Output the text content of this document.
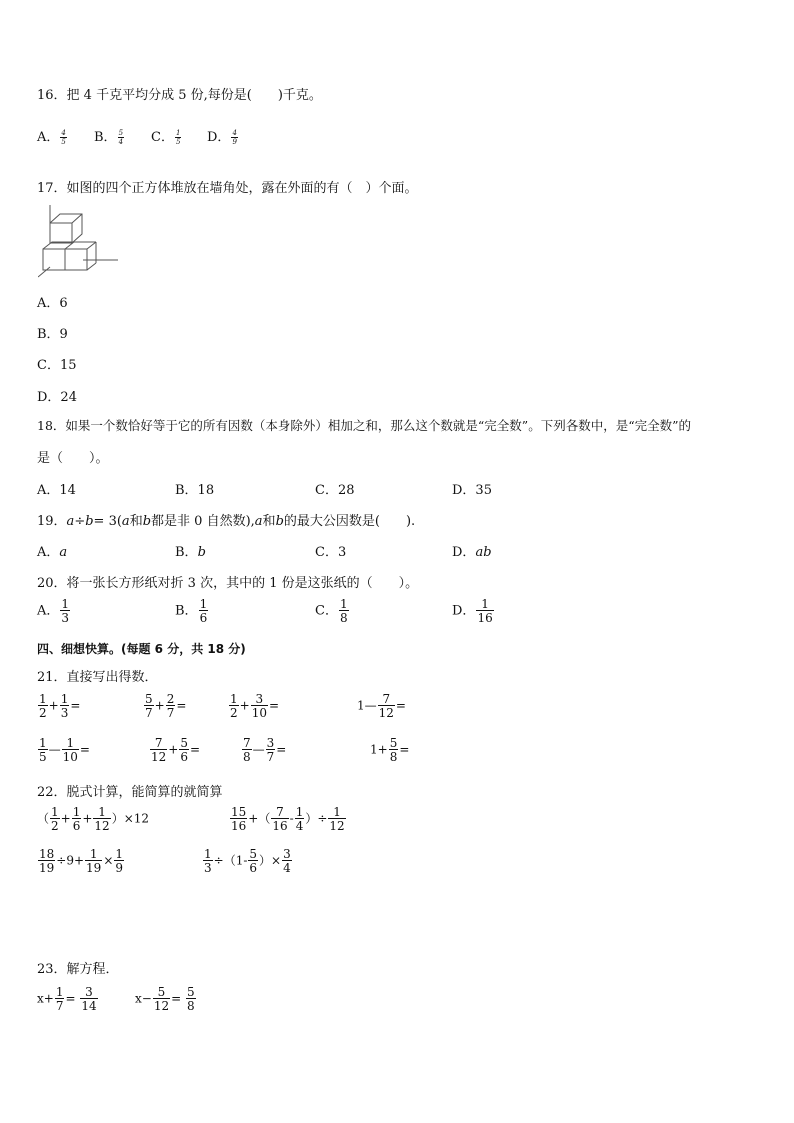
16．把 4 千克平均分成 5 份,每份是(　　)千克。
A． $\frac{4}{5}$ B． $\frac{5}{4}$ C． $\frac{1}{5}$ D． $\frac{4}{9}$
17．如图的四个正方体堆放在墙角处，露在外面的有（　）个面。
A．6
B．9
C．15
D．24
18．如果一个数恰好等于它的所有因数（本身除外）相加之和，那么这个数就是“完全数”。下列各数中，是“完全数”的
是（　　）。
A．14	B．18	C．28	D．35
19．a÷b= 3(a和b都是非 0 自然数),a和b的最大公因数是(　　).
A．a	B．b	C．3	D．ab
20．将一张长方形纸对折 3 次，其中的 1 份是这张纸的（　　）。
A． $\frac{1}{3}$	B． $\frac{1}{6}$	C． $\frac{1}{8}$	D． $\frac{1}{16}$
四、细想快算。(每题 6 分，共 18 分)
21．直接写出得数．
$\frac{1}{2} + \frac{1}{3}$ =	$\frac{5}{7} + \frac{2}{7}$ =	$\frac{1}{2} + \frac{3}{10}$ =	1— $\frac{7}{12}$ =
$\frac{1}{5}$ — $\frac{1}{10}$ =	$\frac{7}{12} + \frac{5}{6}$ =	$\frac{7}{8}$ — $\frac{3}{7}$ =	$1+ \frac{5}{8}$ =
22．脱式计算，能简算的就简算
（ $\frac{1}{2} + \frac{1}{6} + \frac{1}{12} )\times 12$	$\frac{15}{16}$ +（ $\frac{7}{16} - \frac{1}{4}$ ）÷ $\frac{1}{12}$
$\frac{18}{19} \div 9+ \frac{1}{19} \times \frac{1}{9}$	$\frac{1}{3} \div(1- \frac{5}{6}$ ）× $\frac{3}{4}$
23．解方程．
$x+ \frac{1}{7} = \frac{3}{14}$	$x- \frac{5}{12} = \frac{5}{8}$
